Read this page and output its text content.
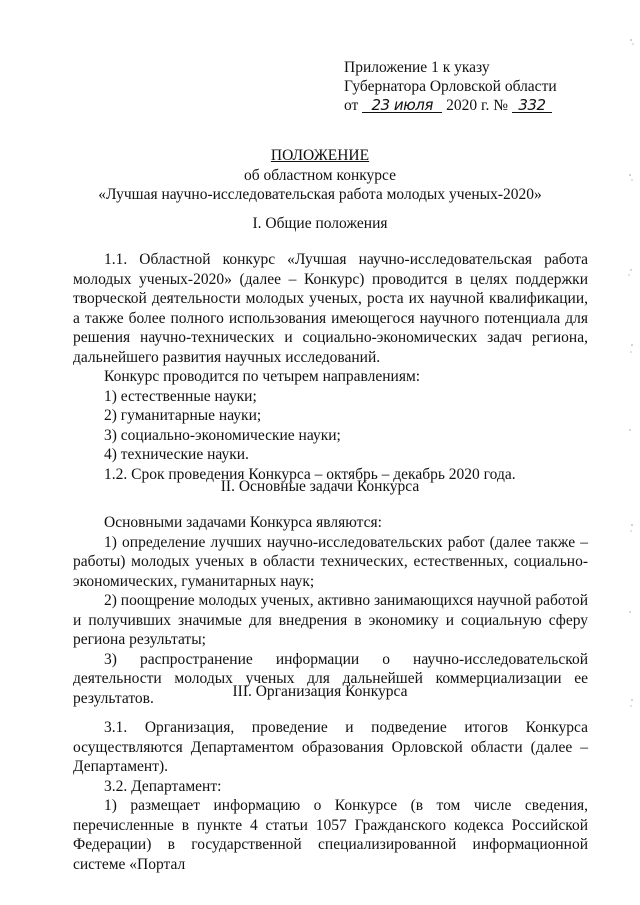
Приложение 1 к указу
Губернатора Орловской области
от 23 июля 2020 г. № 332
ПОЛОЖЕНИЕ
об областном конкурсе
«Лучшая научно-исследовательская работа молодых ученых-2020»
I. Общие положения

1.1. Областной конкурс «Лучшая научно-исследовательская работа молодых ученых-2020» (далее – Конкурс) проводится в целях поддержки творческой деятельности молодых ученых, роста их научной квалификации, а также более полного использования имеющегося научного потенциала для решения научно-технических и социально-экономических задач региона, дальнейшего развития научных исследований.

Конкурс проводится по четырем направлениям:

1) естественные науки;

2) гуманитарные науки;

3) социально-экономические науки;

4) технические науки.

1.2. Срок проведения Конкурса – октябрь – декабрь 2020 года.

II. Основные задачи Конкурса

Основными задачами Конкурса являются:

1) определение лучших научно-исследовательских работ (далее также – работы) молодых ученых в области технических, естественных, социально-экономических, гуманитарных наук;

2) поощрение молодых ученых, активно занимающихся научной работой и получивших значимые для внедрения в экономику и социальную сферу региона результаты;

3) распространение информации о научно-исследовательской деятельности молодых ученых для дальнейшей коммерциализации ее результатов.	III. Организация Конкурса

3.1. Организация, проведение и подведение итогов Конкурса осуществляются Департаментом образования Орловской области (далее – Департамент).

3.2. Департамент:

1) размещает информацию о Конкурсе (в том числе сведения, перечисленные в пункте 4 статьи 1057 Гражданского кодекса Российской Федерации) в государственной специализированной информационной системе «Портал
